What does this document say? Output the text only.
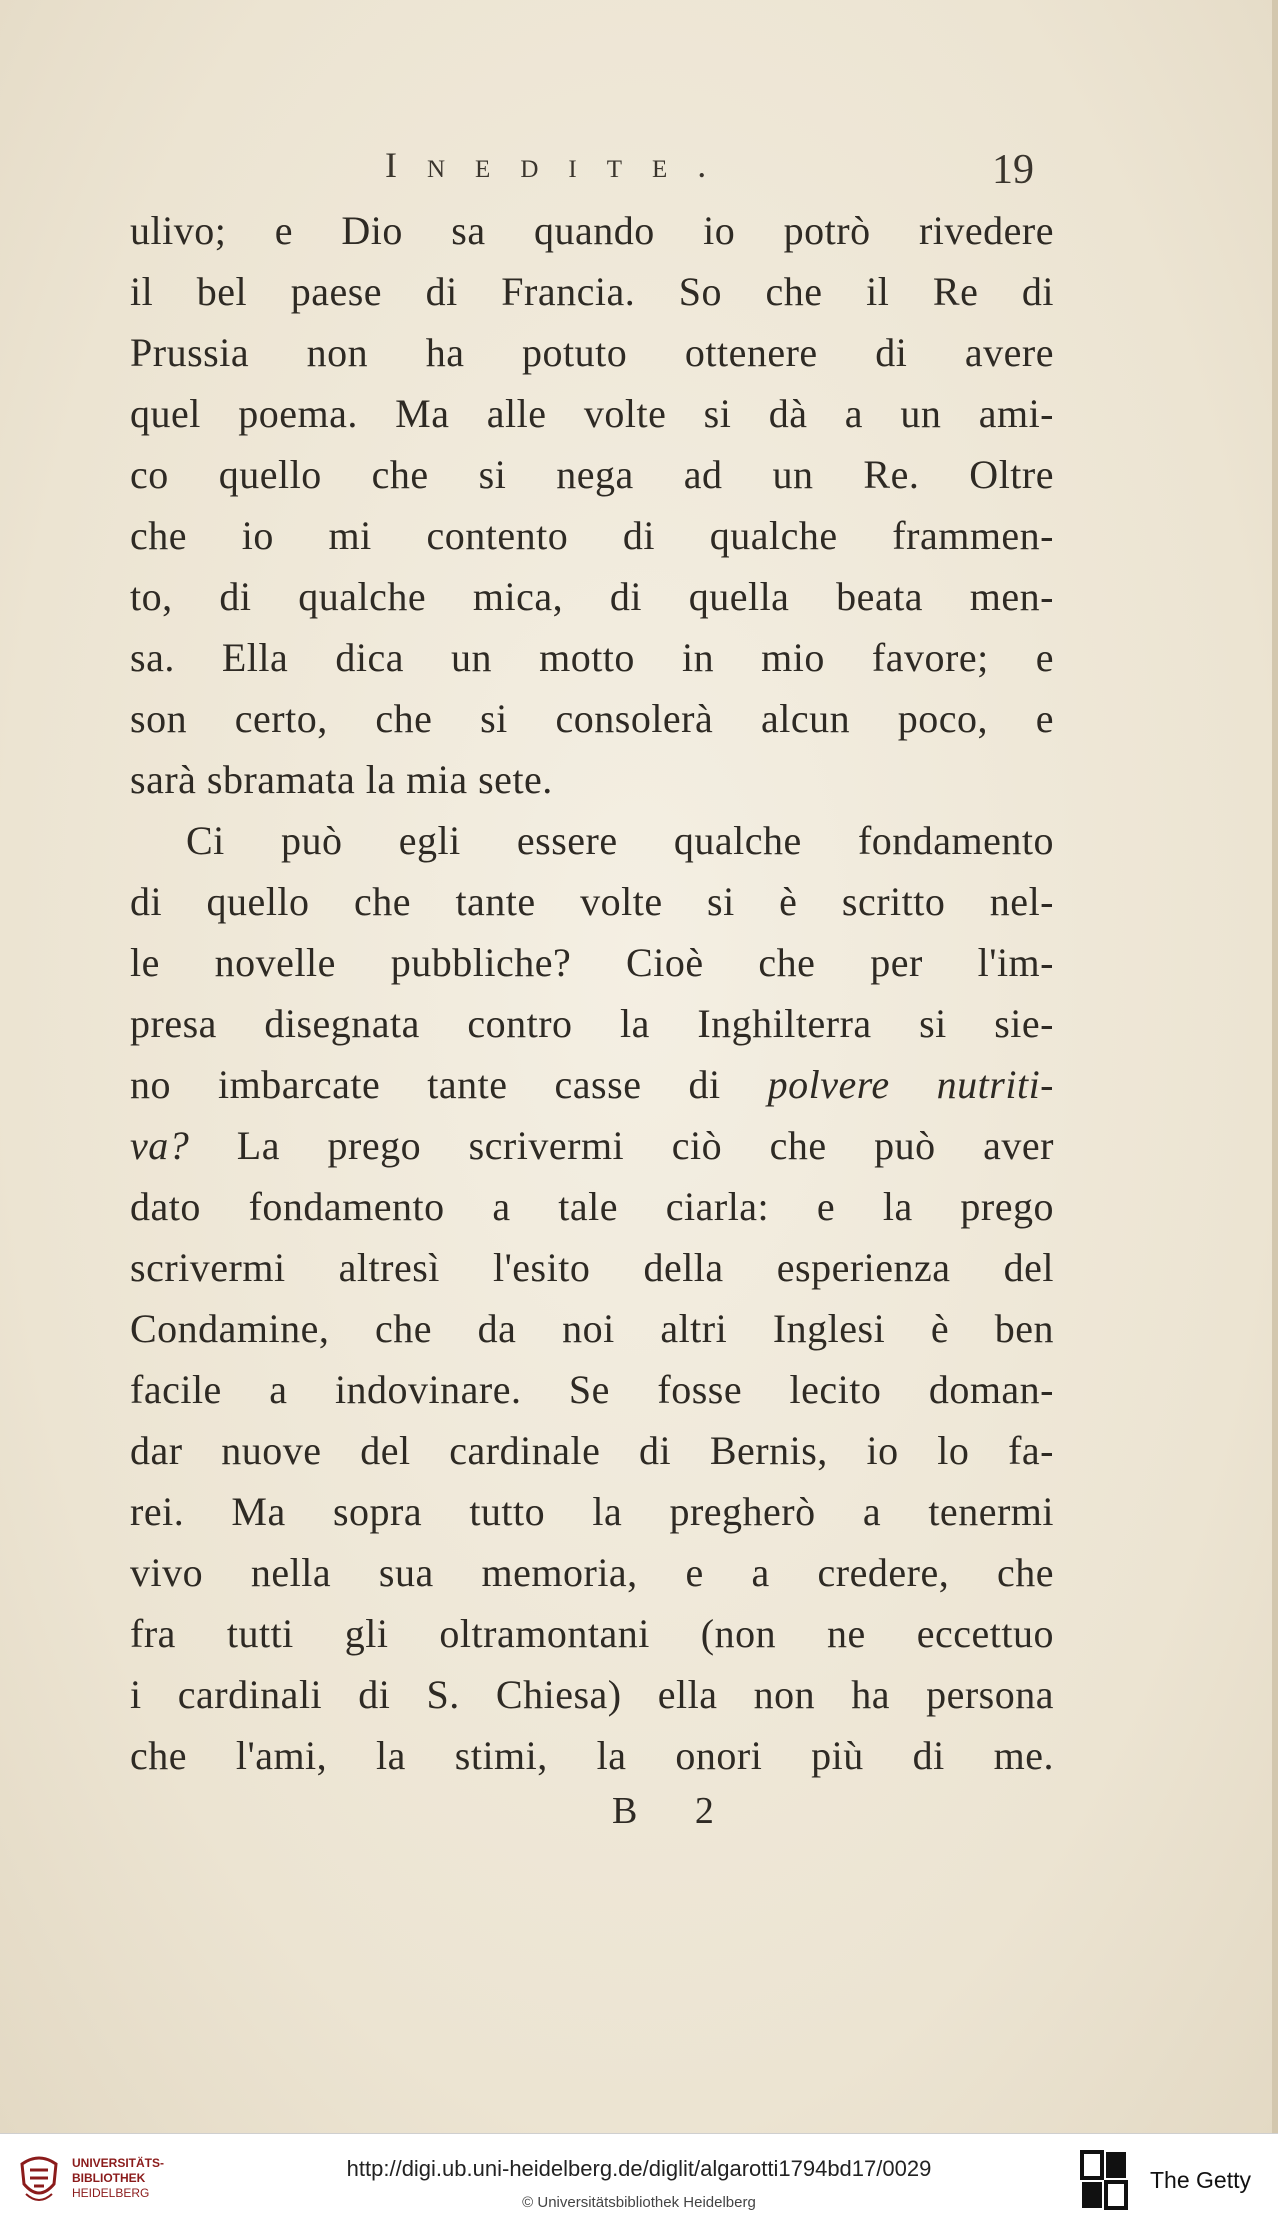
Inedite.	19
ulivo; e Dio sa quando io potrò rivedere
il bel paese di Francia. So che il Re di
Prussia non ha potuto ottenere di avere
quel poema. Ma alle volte si dà a un ami-
co quello che si nega ad un Re. Oltre
che io mi contento di qualche frammen-
to, di qualche mica, di quella beata men-
sa. Ella dica un motto in mio favore; e
son certo, che si consolerà alcun poco, e
sarà sbramata la mia sete.
Ci può egli essere qualche fondamento
di quello che tante volte si è scritto nel-
le novelle pubbliche? Cioè che per l'im-
presa disegnata contro la Inghilterra si sie-
no imbarcate tante casse di polvere nutriti-
va? La prego scrivermi ciò che può aver
dato fondamento a tale ciarla: e la prego
scrivermi altresì l'esito della esperienza del
Condamine, che da noi altri Inglesi è ben
facile a indovinare. Se fosse lecito doman-
dar nuove del cardinale di Bernis, io lo fa-
rei. Ma sopra tutto la pregherò a tenermi
vivo nella sua memoria, e a credere, che
fra tutti gli oltramontani (non ne eccettuo
i cardinali di S. Chiesa) ella non ha persona
che l'ami, la stimi, la onori più di me.
B 2
UNIVERSITÄTS-
BIBLIOTHEK
HEIDELBERG
http://digi.ub.uni-heidelberg.de/diglit/algarotti1794bd17/0029
© Universitätsbibliothek Heidelberg
The Getty
